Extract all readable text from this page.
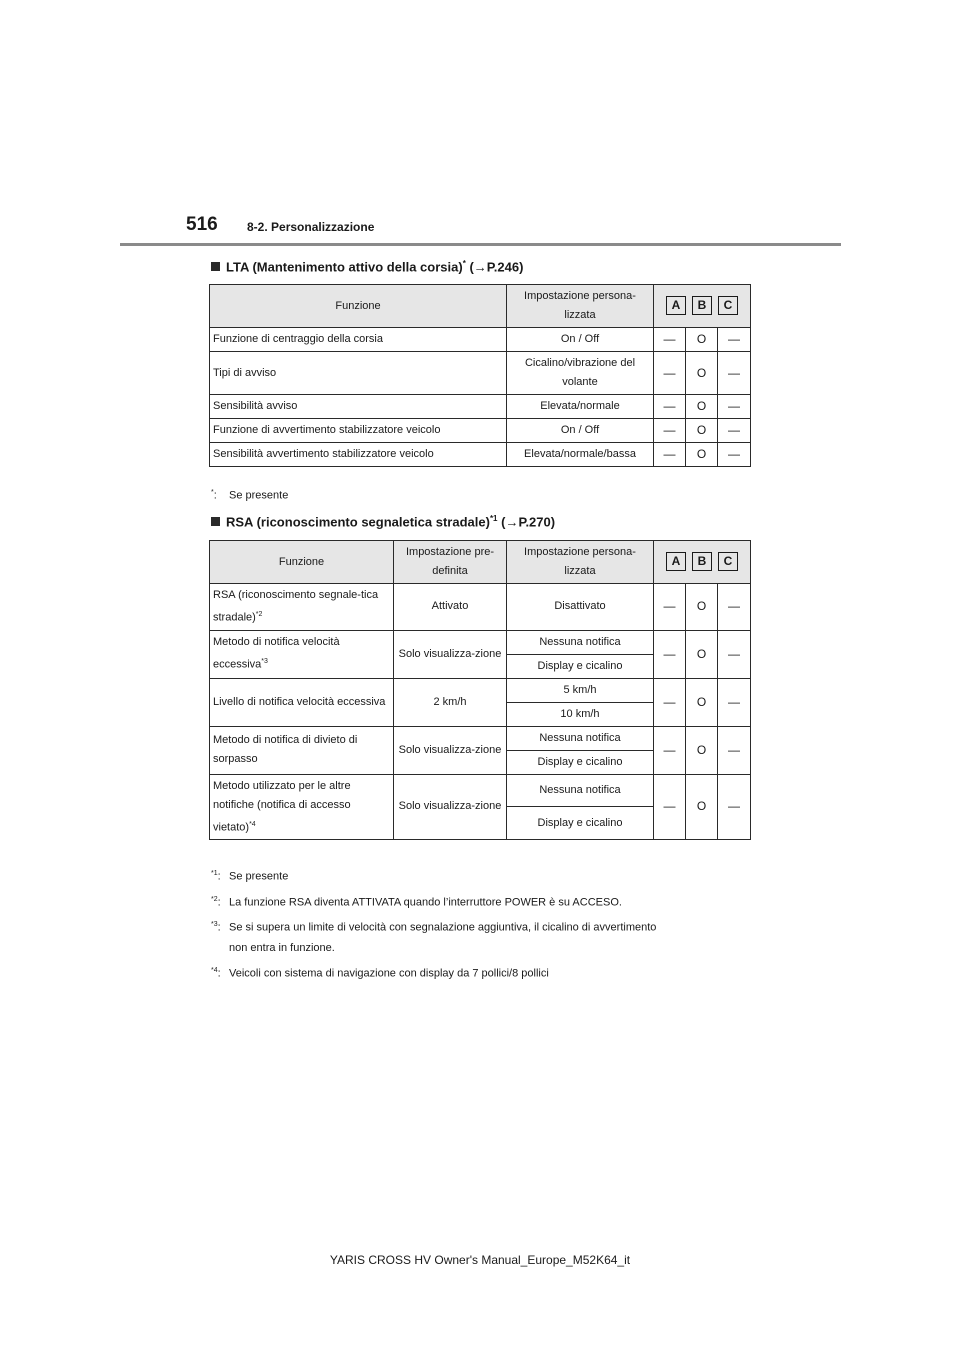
516 8-2. Personalizzazione
LTA (Mantenimento attivo della corsia)* (→P.246)
Funzione	Impostazione persona-lizzata	A B C		
Funzione di centraggio della corsia	On / Off	—	O	—
Tipi di avviso	Cicalino/vibrazione del volante	—	O	—
Sensibilità avviso	Elevata/normale	—	O	—
Funzione di avvertimento stabilizzatore veicolo	On / Off	—	O	—
Sensibilità avvertimento stabilizzatore veicolo	Elevata/normale/bassa	—	O	—
*: Se presente
RSA (riconoscimento segnaletica stradale)$^{*1}$ (→P.270)
Funzione	Impostazione pre-definita	Impostazione persona-lizzata	A B C		
RSA (riconoscimento segnale-tica stradale)$^{*2}$	Attivato	Disattivato	—	O	—
Metodo di notifica velocità eccessiva$^{*3}$	Solo visualizza-zione	Nessuna notifica	—	O	—
		Display e cicalino			
Livello di notifica velocità eccessiva	2 km/h	5 km/h	—	O	—
		10 km/h			
Metodo di notifica di divieto di sorpasso	Solo visualizza-zione	Nessuna notifica	—	O	—
		Display e cicalino			
Metodo utilizzato per le altre notifiche (notifica di accesso vietato)$^{*4}$	Solo visualizza-zione	Nessuna notifica	—	O	—
		Display e cicalino			
$^{*1}$: Se presente
$^{*2}$: La funzione RSA diventa ATTIVATA quando l’interruttore POWER è su ACCESO.
$^{*3}$: Se si supera un limite di velocità con segnalazione aggiuntiva, il cicalino di avvertimento
non entra in funzione.
$^{*4}$: Veicoli con sistema di navigazione con display da 7 pollici/8 pollici
YARIS CROSS HV Owner's Manual_Europe_M52K64_it
